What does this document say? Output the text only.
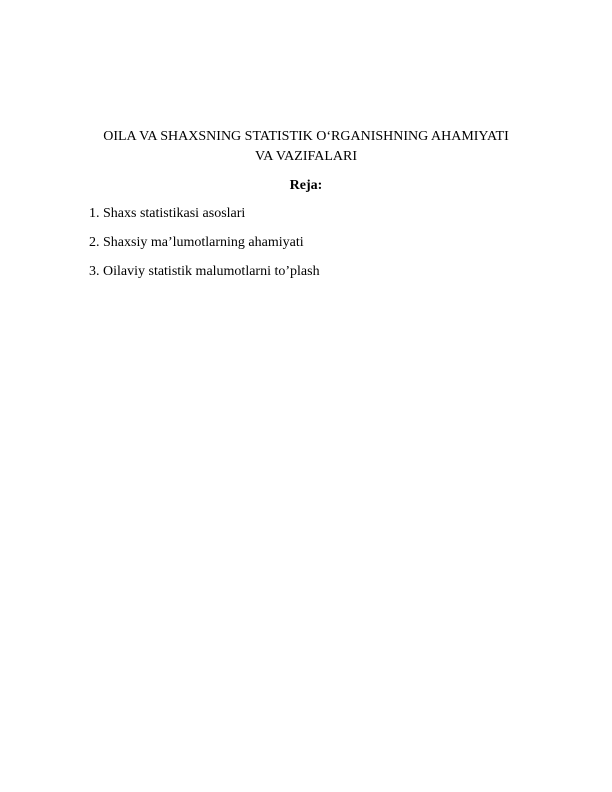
OILA VA SHAXSNING STATISTIK O‘RGANISHNING AHAMIYATI
VA VAZIFALARI
Reja:
1. Shaxs statistikasi asoslari
2. Shaxsiy ma’lumotlarning ahamiyati
3. Oilaviy statistik malumotlarni to’plash
